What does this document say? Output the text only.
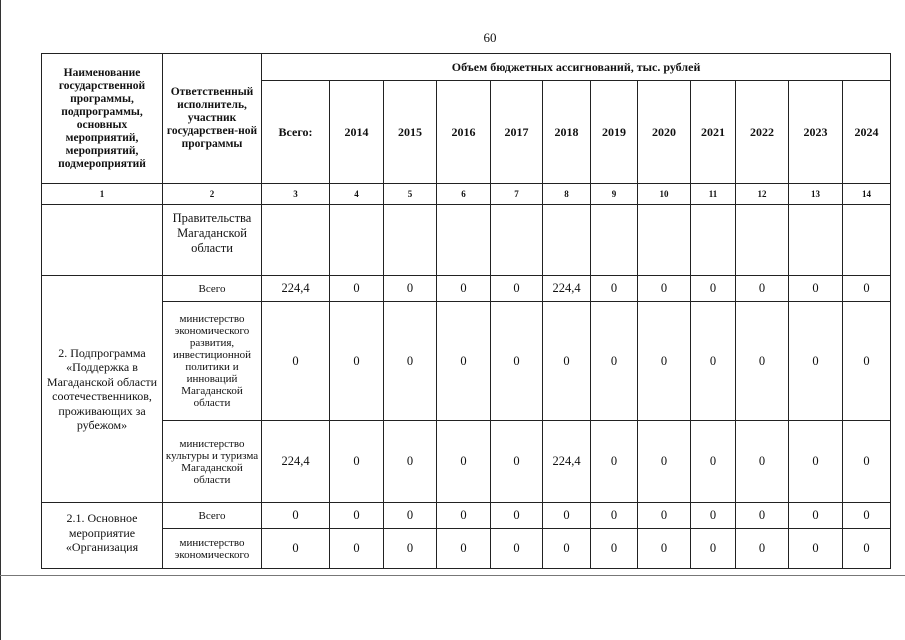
60
Наименование государственной программы, подпрограммы, основных мероприятий, мероприятий, подмероприятий	Ответственный исполнитель, участник государствен-ной программы	Объем бюджетных ассигнований, тыс. рублей											
		Всего:	2014	2015	2016	2017	2018	2019	2020	2021	2022	2023	2024
1	2	3	4	5	6	7	8	9	10	11	12	13	14
	Правительства Магаданской области												
2. Подпрограмма «Поддержка в Магаданской области соотечественников, проживающих за рубежом»	Всего	224,4	0	0	0	0	224,4	0	0	0	0	0	0
	министерство экономического развития, инвестиционной политики и инноваций Магаданской области	0	0	0	0	0	0	0	0	0	0	0	0
	министерство культуры и туризма Магаданской области	224,4	0	0	0	0	224,4	0	0	0	0	0	0
2.1. Основное мероприятие «Организация	Всего	0	0	0	0	0	0	0	0	0	0	0	0
	министерство экономического	0	0	0	0	0	0	0	0	0	0	0	0
